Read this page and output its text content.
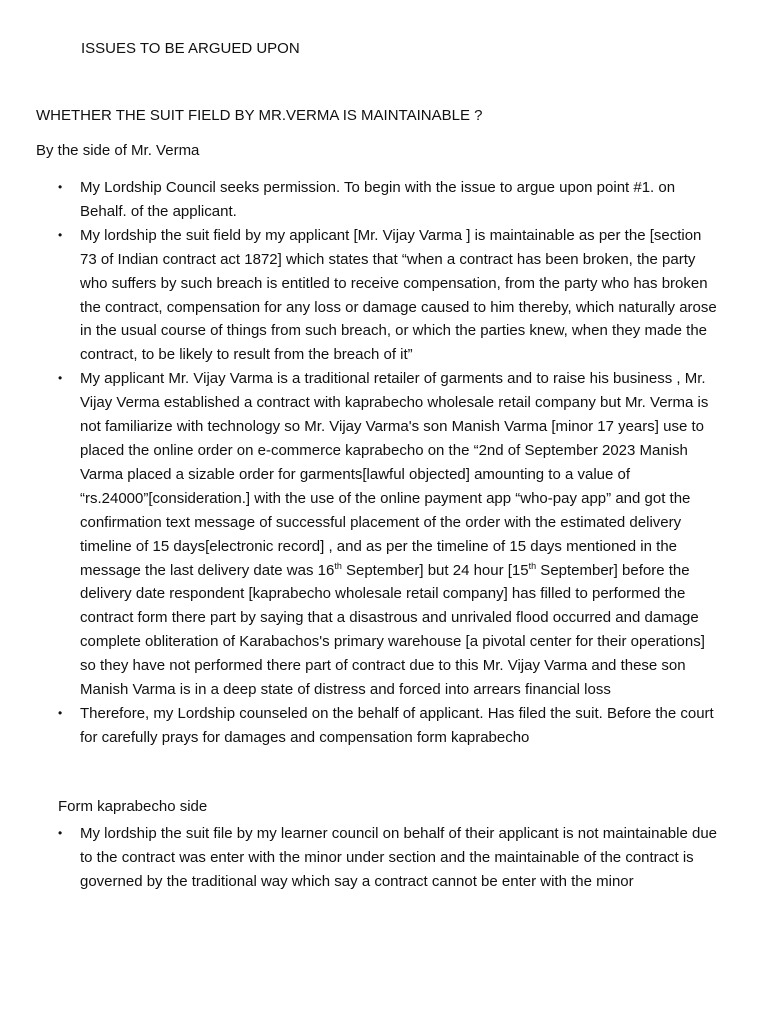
ISSUES TO BE ARGUED UPON
WHETHER THE SUIT FIELD BY MR.VERMA IS MAINTAINABLE ?

By the side of Mr. Verma

•	My Lordship Council seeks permission. To begin with the issue to argue upon point #1. on Behalf. of the applicant.
•	My lordship the suit field by my applicant [Mr. Vijay Varma ] is maintainable as per the [section 73 of Indian contract act 1872] which states that “when a contract has been broken, the party who suffers by such breach is entitled to receive compensation, from the party who has broken the contract, compensation for any loss or damage caused to him thereby, which naturally arose in the usual course of things from such breach, or which the parties knew, when they made the contract, to be likely to result from the breach of it”
•	My applicant Mr. Vijay Varma is a traditional retailer of garments and to raise his business , Mr. Vijay Verma established a contract with kaprabecho wholesale retail company but Mr. Verma is not familiarize with technology so Mr. Vijay Varma's son Manish Varma [minor 17 years] use to placed the online order on e-commerce kaprabecho on the “2nd of September 2023 Manish Varma placed a sizable order for garments[lawful objected] amounting to a value of “rs.24000”[consideration.] with the use of the online payment app “who-pay app” and got the confirmation text message of successful placement of the order with the estimated delivery timeline of 15 days[electronic record] , and as per the timeline of 15 days mentioned in the message the last delivery date was 16th September] but 24 hour [15th September] before the delivery date respondent [kaprabecho wholesale retail company] has filled to performed the contract form there part by saying that a disastrous and unrivaled flood occurred and damage complete obliteration of Karabachos's primary warehouse [a pivotal center for their operations] so they have not performed there part of contract due to this Mr. Vijay Varma and these son Manish Varma is in a deep state of distress and forced into arrears financial loss
•	Therefore, my Lordship counseled on the behalf of applicant. Has filed the suit. Before the court for carefully prays for damages and compensation form kaprabecho

Form kaprabecho side

•	My lordship the suit file by my learner council on behalf of their applicant is not maintainable due to the contract was enter with the minor under section and the maintainable of the contract is governed by the traditional way which say a contract cannot be enter with the minor
